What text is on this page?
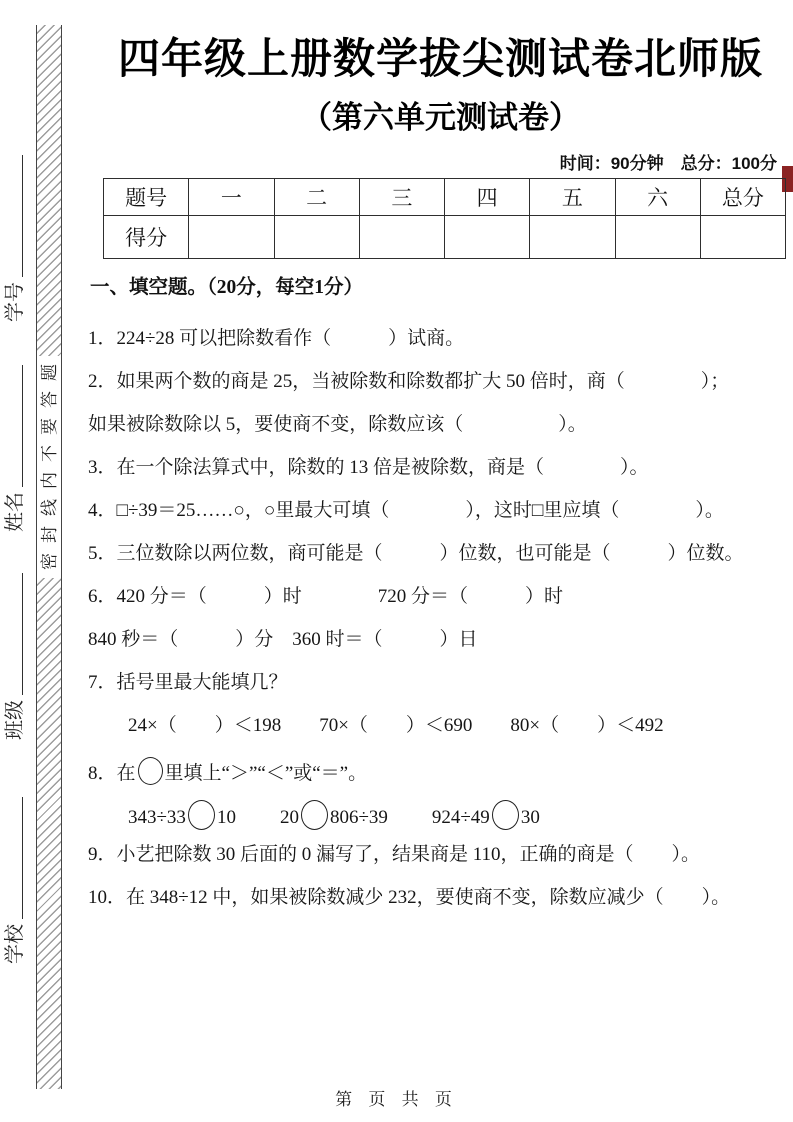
学号
姓名
班级
学校
题
答
要
不
内
线
封
密
四年级上册数学拔尖测试卷北师版
（第六单元测试卷）
时间：90分钟　总分：100分
题号	一	二	三	四	五	六	总分
得分							
一、填空题。（20分，每空1分）
1．224÷28 可以把除数看作（　　　）试商。
2．如果两个数的商是 25，当被除数和除数都扩大 50 倍时，商（　　　　）；
如果被除数除以 5，要使商不变，除数应该（　　　　　）。
3．在一个除法算式中，除数的 13 倍是被除数，商是（　　　　）。
4．□÷39＝25……○，○里最大可填（　　　　），这时□里应填（　　　　）。
5．三位数除以两位数，商可能是（　　　）位数，也可能是（　　　）位数。
6．420 分＝（　　　）时　　　　720 分＝（　　　）时
840 秒＝（　　　）分　360 时＝（　　　）日
7．括号里最大能填几？
24×（　　）＜198　　70×（　　）＜690　　80×（　　）＜492
8．在 里填上“＞”“＜”或“＝”。
343÷33 10 20 806÷39 924÷49 30
9．小艺把除数 30 后面的 0 漏写了，结果商是 110，正确的商是（　　）。
10．在 348÷12 中，如果被除数减少 232，要使商不变，除数应减少（　　）。
第 页 共 页
